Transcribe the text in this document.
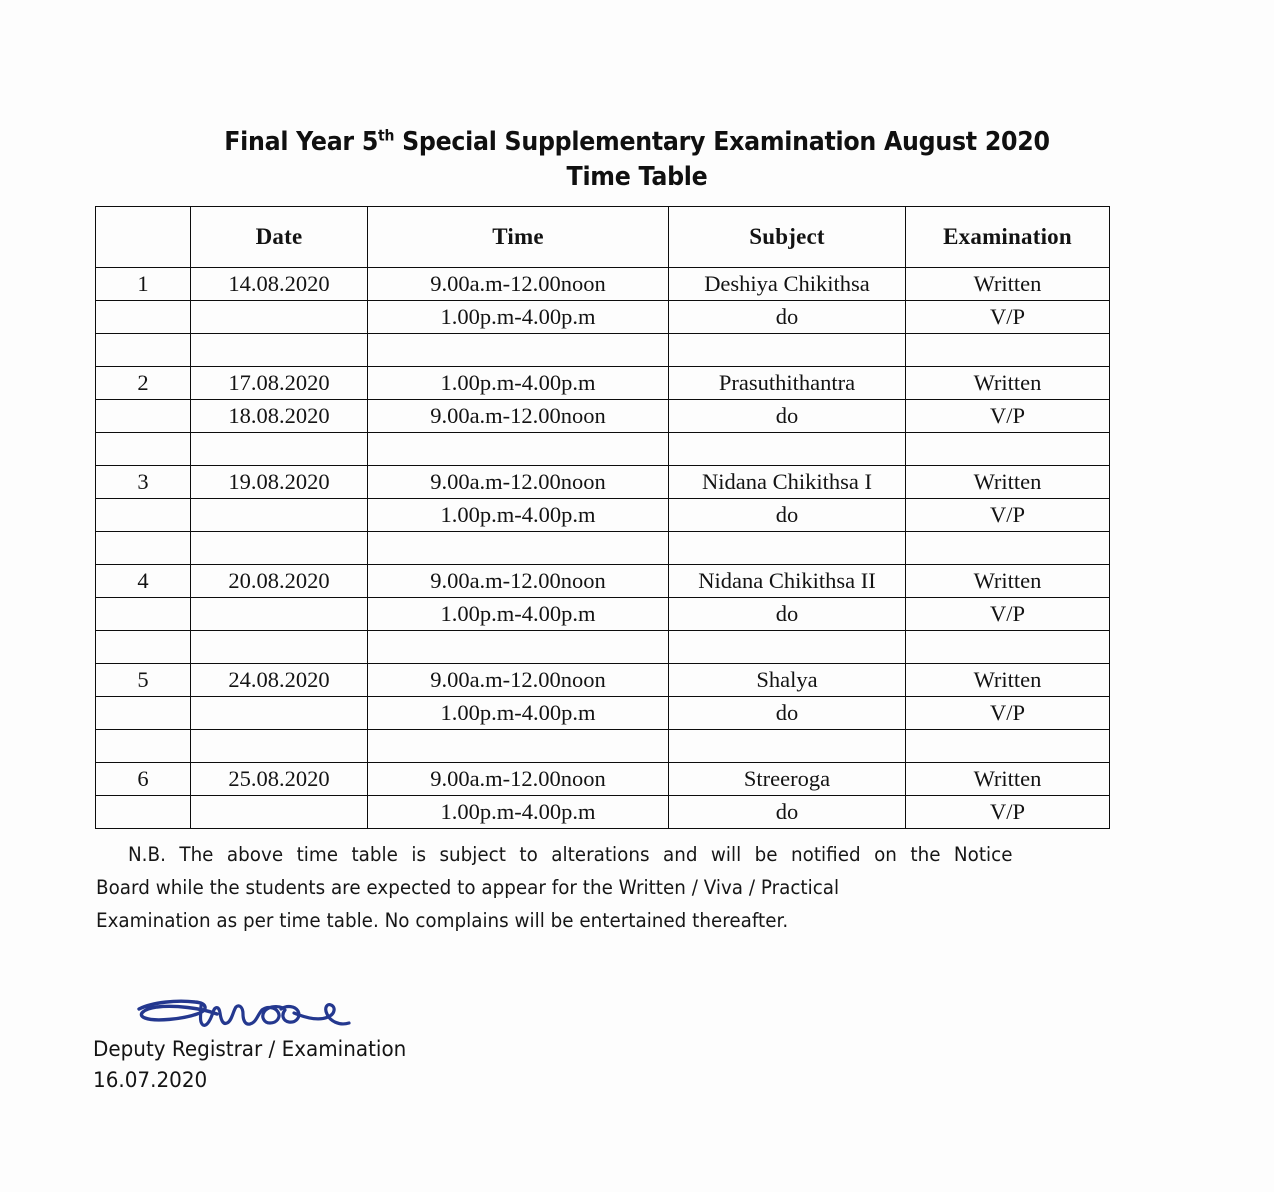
Final Year 5th Special Supplementary Examination August 2020
Time Table
	Date	Time	Subject	Examination
1	14.08.2020	9.00a.m-12.00noon	Deshiya Chikithsa	Written
		1.00p.m-4.00p.m	do	V/P

2	17.08.2020	1.00p.m-4.00p.m	Prasuthithantra	Written
	18.08.2020	9.00a.m-12.00noon	do	V/P

3	19.08.2020	9.00a.m-12.00noon	Nidana Chikithsa I	Written
		1.00p.m-4.00p.m	do	V/P

4	20.08.2020	9.00a.m-12.00noon	Nidana Chikithsa II	Written
		1.00p.m-4.00p.m	do	V/P

5	24.08.2020	9.00a.m-12.00noon	Shalya	Written
		1.00p.m-4.00p.m	do	V/P

6	25.08.2020	9.00a.m-12.00noon	Streeroga	Written
		1.00p.m-4.00p.m	do	V/P
N.B. The above time table is subject to alterations and will be notified on the Notice
Board while the students are expected to appear for the Written / Viva / Practical
Examination as per time table. No complains will be entertained thereafter.
Deputy Registrar / Examination
16.07.2020
